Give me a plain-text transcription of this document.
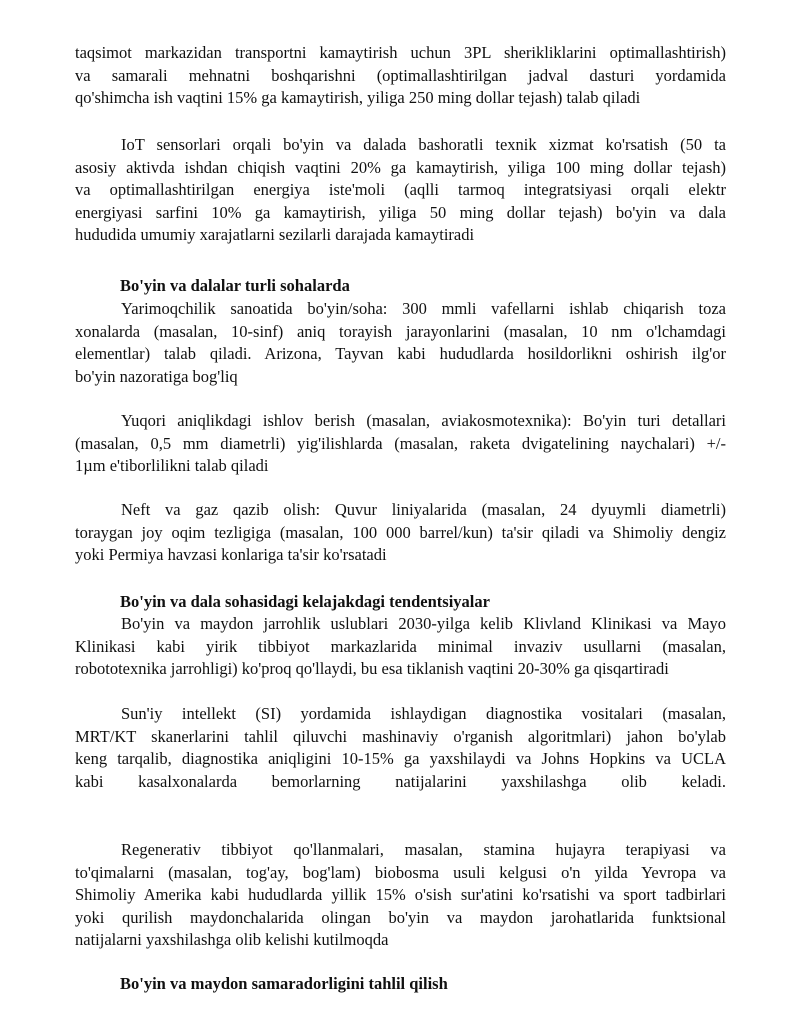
taqsimot markazidan transportni kamaytirish uchun 3PL sherikliklarini optimallashtirish)
va samarali mehnatni boshqarishni (optimallashtirilgan jadval dasturi yordamida
qo'shimcha ish vaqtini 15% ga kamaytirish, yiliga 250 ming dollar tejash) talab qiladi
IoT sensorlari orqali bo'yin va dalada bashoratli texnik xizmat ko'rsatish (50 ta
asosiy aktivda ishdan chiqish vaqtini 20% ga kamaytirish, yiliga 100 ming dollar tejash)
va optimallashtirilgan energiya iste'moli (aqlli tarmoq integratsiyasi orqali elektr
energiyasi sarfini 10% ga kamaytirish, yiliga 50 ming dollar tejash) bo'yin va dala
hududida umumiy xarajatlarni sezilarli darajada kamaytiradi
Bo'yin va dalalar turli sohalarda
Yarimoqchilik sanoatida bo'yin/soha: 300 mmli vafellarni ishlab chiqarish toza
xonalarda (masalan, 10-sinf) aniq torayish jarayonlarini (masalan, 10 nm o'lchamdagi
elementlar) talab qiladi. Arizona, Tayvan kabi hududlarda hosildorlikni oshirish ilg'or
bo'yin nazoratiga bog'liq
Yuqori aniqlikdagi ishlov berish (masalan, aviakosmotexnika): Bo'yin turi detallari
(masalan, 0,5 mm diametrli) yig'ilishlarda (masalan, raketa dvigatelining naychalari) +/-
1µm e'tiborlilikni talab qiladi
Neft va gaz qazib olish: Quvur liniyalarida (masalan, 24 dyuymli diametrli)
toraygan joy oqim tezligiga (masalan, 100 000 barrel/kun) ta'sir qiladi va Shimoliy dengiz
yoki Permiya havzasi konlariga ta'sir ko'rsatadi
Bo'yin va dala sohasidagi kelajakdagi tendentsiyalar
Bo'yin va maydon jarrohlik uslublari 2030-yilga kelib Klivland Klinikasi va Mayo
Klinikasi kabi yirik tibbiyot markazlarida minimal invaziv usullarni (masalan,
robototexnika jarrohligi) ko'proq qo'llaydi, bu esa tiklanish vaqtini 20-30% ga qisqartiradi
Sun'iy intellekt (SI) yordamida ishlaydigan diagnostika vositalari (masalan,
MRT/KT skanerlarini tahlil qiluvchi mashinaviy o'rganish algoritmlari) jahon bo'ylab
keng tarqalib, diagnostika aniqligini 10-15% ga yaxshilaydi va Johns Hopkins va UCLA
kabi kasalxonalarda bemorlarning natijalarini yaxshilashga olib keladi.
Regenerativ tibbiyot qo'llanmalari, masalan, stamina hujayra terapiyasi va
to'qimalarni (masalan, tog'ay, bog'lam) biobosma usuli kelgusi o'n yilda Yevropa va
Shimoliy Amerika kabi hududlarda yillik 15% o'sish sur'atini ko'rsatishi va sport tadbirlari
yoki qurilish maydonchalarida olingan bo'yin va maydon jarohatlarida funktsional
natijalarni yaxshilashga olib kelishi kutilmoqda
Bo'yin va maydon samaradorligini tahlil qilish
